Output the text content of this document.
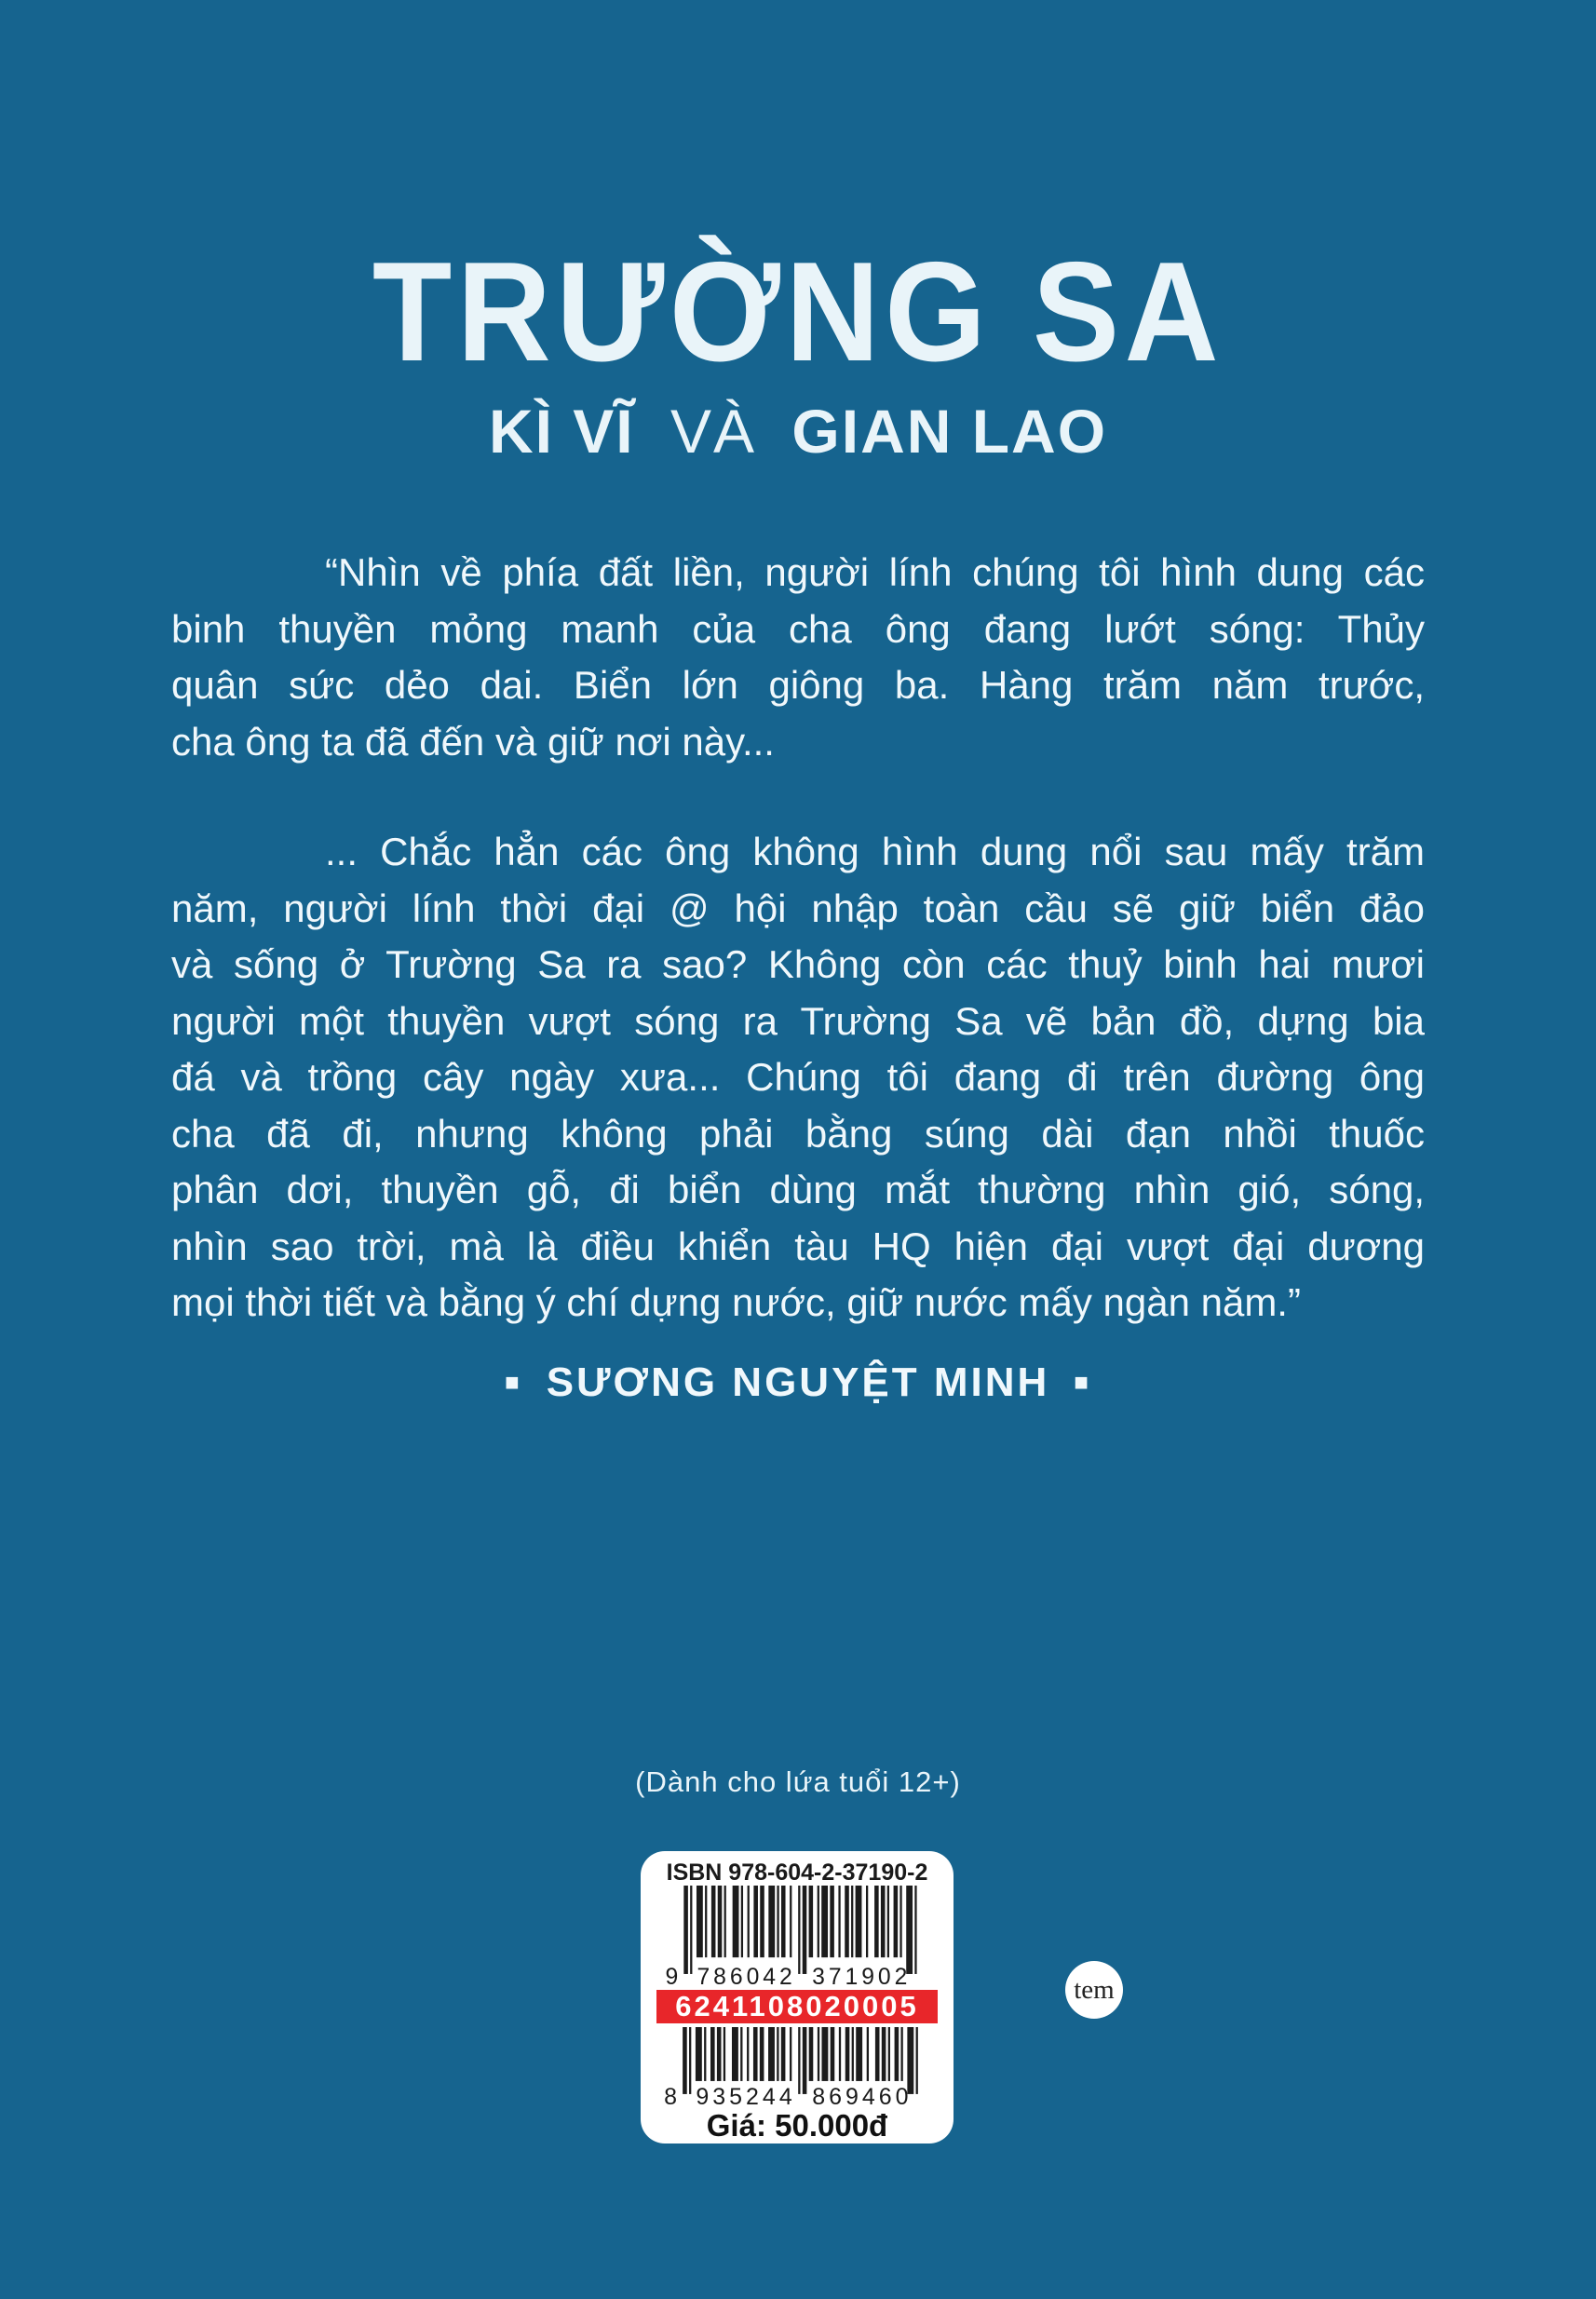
TRƯỜNG SA
KÌ VĨ VÀ GIAN LAO
“Nhìn về phía đất liền, người lính chúng tôi hình dung các
binh thuyền mỏng manh của cha ông đang lướt sóng: Thủy
quân sức dẻo dai. Biển lớn giông ba. Hàng trăm năm trước,
cha ông ta đã đến và giữ nơi này...
... Chắc hẳn các ông không hình dung nổi sau mấy trăm
năm, người lính thời đại @ hội nhập toàn cầu sẽ giữ biển đảo
và sống ở Trường Sa ra sao? Không còn các thuỷ binh hai mươi
người một thuyền vượt sóng ra Trường Sa vẽ bản đồ, dựng bia
đá và trồng cây ngày xưa... Chúng tôi đang đi trên đường ông
cha đã đi, nhưng không phải bằng súng dài đạn nhồi thuốc
phân dơi, thuyền gỗ, đi biển dùng mắt thường nhìn gió, sóng,
nhìn sao trời, mà là điều khiển tàu HQ hiện đại vượt đại dương
mọi thời tiết và bằng ý chí dựng nước, giữ nước mấy ngàn năm.”
■ SƯƠNG NGUYỆT MINH ■
(Dành cho lứa tuổi 12+)
ISBN 978-604-2-37190-2
9 786042 371902
6241108020005
8 935244 869460
Giá: 50.000đ
tem
